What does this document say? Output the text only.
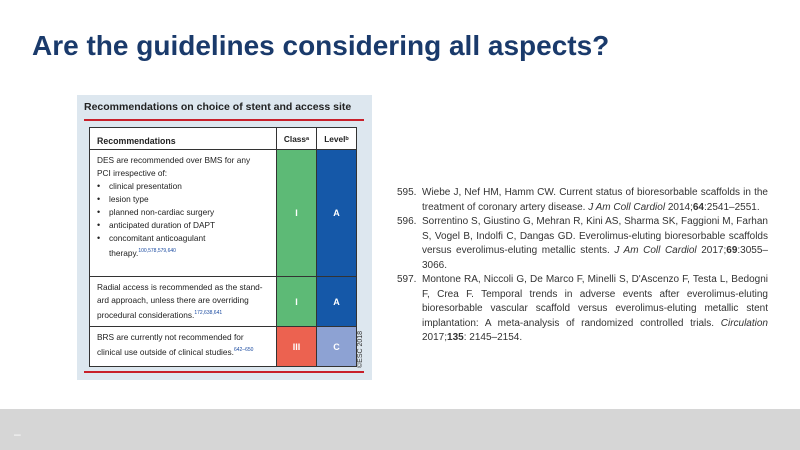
Are the guidelines considering all aspects?
Recommendations on choice of stent and access site
Recommendations	Class a Level b
DES are recommended over BMS for any
PCI irrespective of:
• clinical presentation
• lesion type
• planned non-cardiac surgery
• anticipated duration of DAPT
• concomitant anticoagulant
therapy.$^{100,578,579,640}$
I	A
Radial access is recommended as the stand-
ard approach, unless there are overriding
procedural considerations.$^{172,638,641}$
I	A
BRS are currently not recommended for
clinical use outside of clinical studies.$^{642-650}$	III	C	©ESC 2018
595. Wiebe J, Nef HM, Hamm CW. Current status of bioresorbable scaffolds in the treatment of coronary artery disease. J Am Coll Cardiol 2014;64:2541–2551.
596. Sorrentino S, Giustino G, Mehran R, Kini AS, Sharma SK, Faggioni M, Farhan S, Vogel B, Indolfi C, Dangas GD. Everolimus-eluting bioresorbable scaffolds versus everolimus-eluting metallic stents. J Am Coll Cardiol 2017;69:3055–3066.
597. Montone RA, Niccoli G, De Marco F, Minelli S, D'Ascenzo F, Testa L, Bedogni F, Crea F. Temporal trends in adverse events after everolimus-eluting bioresorbable vascular scaffold versus everolimus-eluting metallic stent implantation: A meta-analysis of randomized controlled trials. Circulation 2017;135: 2145–2154.
–
